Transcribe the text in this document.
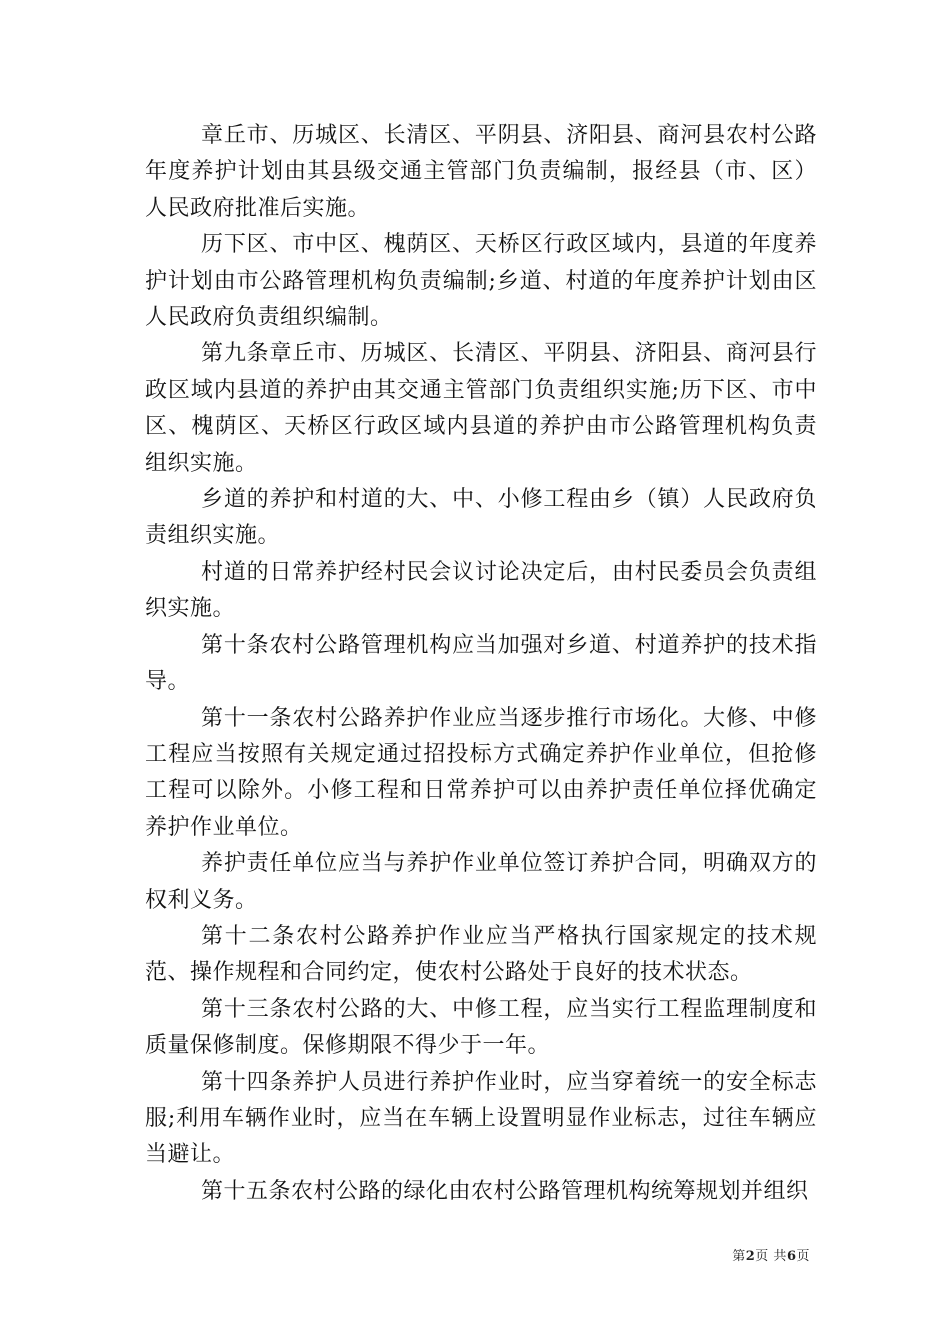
章丘市、历城区、长清区、平阴县、济阳县、商河县农村公路年度养护计划由其县级交通主管部门负责编制，报经县（市、区）人民政府批准后实施。

历下区、市中区、槐荫区、天桥区行政区域内，县道的年度养护计划由市公路管理机构负责编制;乡道、村道的年度养护计划由区人民政府负责组织编制。

第九条章丘市、历城区、长清区、平阴县、济阳县、商河县行政区域内县道的养护由其交通主管部门负责组织实施;历下区、市中区、槐荫区、天桥区行政区域内县道的养护由市公路管理机构负责组织实施。

乡道的养护和村道的大、中、小修工程由乡（镇）人民政府负责组织实施。

村道的日常养护经村民会议讨论决定后，由村民委员会负责组织实施。

第十条农村公路管理机构应当加强对乡道、村道养护的技术指导。

第十一条农村公路养护作业应当逐步推行市场化。大修、中修工程应当按照有关规定通过招投标方式确定养护作业单位，但抢修工程可以除外。小修工程和日常养护可以由养护责任单位择优确定养护作业单位。

养护责任单位应当与养护作业单位签订养护合同，明确双方的权利义务。

第十二条农村公路养护作业应当严格执行国家规定的技术规范、操作规程和合同约定，使农村公路处于良好的技术状态。

第十三条农村公路的大、中修工程，应当实行工程监理制度和质量保修制度。保修期限不得少于一年。

第十四条养护人员进行养护作业时，应当穿着统一的安全标志服;利用车辆作业时，应当在车辆上设置明显作业标志，过往车辆应当避让。

第十五条农村公路的绿化由农村公路管理机构统筹规划并组织

第2页 共6页
